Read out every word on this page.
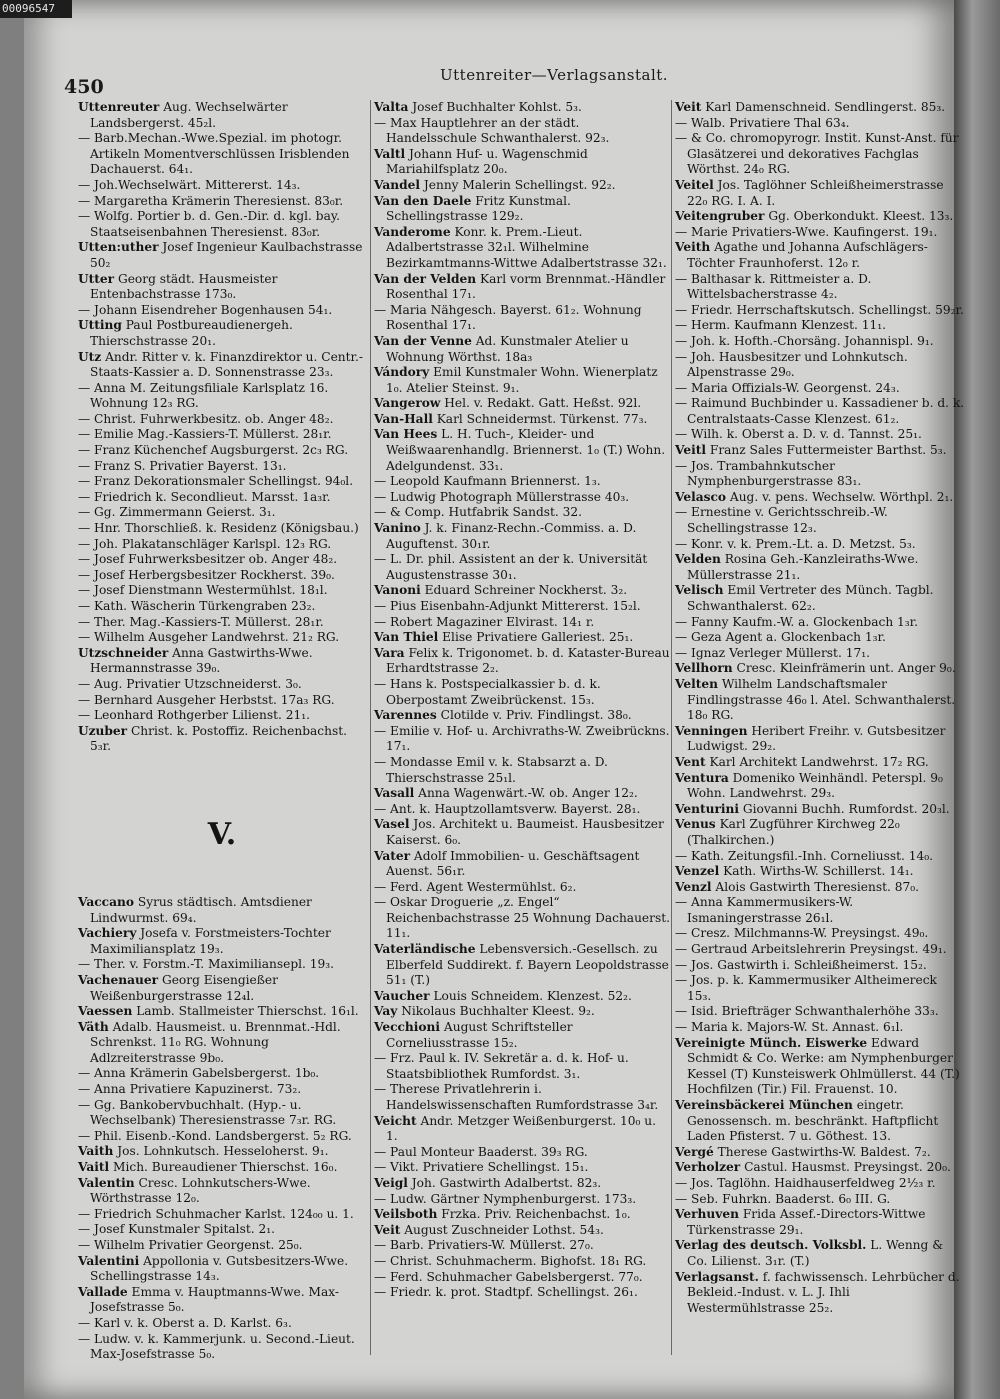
00096547
450
Uttenreiter—Verlagsanstalt.
Uttenreuter Aug. Wechselwärter Landsbergerst. 45₂l.
— Barb.Mechan.-Wwe.Spezial. im photogr. Artikeln Momentverschlüssen Irisblenden Dachauerst. 64₁.
— Joh.Wechselwärt. Mittererst. 14₃.
— Margaretha Krämerin Theresienst. 83₀r.
— Wolfg. Portier b. d. Gen.-Dir. d. kgl. bay. Staatseisenbahnen Theresienst. 83₀r.
Utten:uther Josef Ingenieur Kaulbachstrasse 50₂
Utter Georg städt. Hausmeister Entenbachstrasse 173₀.
— Johann Eisendreher Bogenhausen 54₁.
Utting Paul Postbureaudienergeh. Thierschstrasse 20₁.
Utz Andr. Ritter v. k. Finanzdirektor u. Centr.-Staats-Kassier a. D. Sonnenstrasse 23₃.
— Anna M. Zeitungsfiliale Karlsplatz 16. Wohnung 12₃ RG.
— Christ. Fuhrwerkbesitz. ob. Anger 48₂.
— Emilie Mag.-Kassiers-T. Müllerst. 28₁r.
— Franz Küchenchef Augsburgerst. 2c₃ RG.
— Franz S. Privatier Bayerst. 13₁.
— Franz Dekorationsmaler Schellingst. 94₀l.
— Friedrich k. Secondlieut. Marsst. 1a₃r.
— Gg. Zimmermann Geierst. 3₁.
— Hnr. Thorschließ. k. Residenz (Königsbau.)
— Joh. Plakatanschläger Karlspl. 12₃ RG.
— Josef Fuhrwerksbesitzer ob. Anger 48₂.
— Josef Herbergsbesitzer Rockherst. 39₀.
— Josef Dienstmann Westermühlst. 18₁l.
— Kath. Wäscherin Türkengraben 23₂.
— Ther. Mag.-Kassiers-T. Müllerst. 28₁r.
— Wilhelm Ausgeher Landwehrst. 21₂ RG.
Utzschneider Anna Gastwirths-Wwe. Hermannstrasse 39₀.
— Aug. Privatier Utzschneiderst. 3₀.
— Bernhard Ausgeher Herbstst. 17a₃ RG.
— Leonhard Rothgerber Lilienst. 21₁.
Uzuber Christ. k. Postoffiz. Reichenbachst. 5₃r.
V.
Vaccano Syrus städtisch. Amtsdiener Lindwurmst. 69₄.
Vachiery Josefa v. Forstmeisters-Tochter Maximiliansplatz 19₃.
— Ther. v. Forstm.-T. Maximiliansepl. 19₃.
Vachenauer Georg Eisengießer Weißenburgerstrasse 12₄l.
Vaessen Lamb. Stallmeister Thierschst. 16₁l.
Väth Adalb. Hausmeist. u. Brennmat.-Hdl. Schrenkst. 11₀ RG. Wohnung Adlzreiterstrasse 9b₀.
— Anna Krämerin Gabelsbergerst. 1b₀.
— Anna Privatiere Kapuzinerst. 73₂.
— Gg. Bankobervbuchhalt. (Hyp.- u. Wechselbank) Theresienstrasse 7₃r. RG.
— Phil. Eisenb.-Kond. Landsbergerst. 5₂ RG.
Vaith Jos. Lohnkutsch. Hesseloherst. 9₁.
Vaitl Mich. Bureaudiener Thierschst. 16₀.
Valentin Cresc. Lohnkutschers-Wwe. Wörthstrasse 12₀.
— Friedrich Schuhmacher Karlst. 124₀₀ u. 1.
— Josef Kunstmaler Spitalst. 2₁.
— Wilhelm Privatier Georgenst. 25₀.
Valentini Appollonia v. Gutsbesitzers-Wwe. Schellingstrasse 14₃.
Vallade Emma v. Hauptmanns-Wwe. Max-Josefstrasse 5₀.
— Karl v. k. Oberst a. D. Karlst. 6₃.
— Ludw. v. k. Kammerjunk. u. Second.-Lieut. Max-Josefstrasse 5₀.
Valta Josef Buchhalter Kohlst. 5₃.
— Max Hauptlehrer an der städt. Handelsschule Schwanthalerst. 92₃.
Valtl Johann Huf- u. Wagenschmid Mariahilfsplatz 20₀.
Vandel Jenny Malerin Schellingst. 92₂.
Van den Daele Fritz Kunstmal. Schellingstrasse 129₂.
Vanderome Konr. k. Prem.-Lieut. Adalbertstrasse 32₁l. Wilhelmine Bezirkamtmanns-Wittwe Adalbertstrasse 32₁.
Van der Velden Karl vorm Brennmat.-Händler Rosenthal 17₁.
— Maria Nähgesch. Bayerst. 61₂. Wohnung Rosenthal 17₁.
Van der Venne Ad. Kunstmaler Atelier u Wohnung Wörthst. 18a₃
Vándory Emil Kunstmaler Wohn. Wienerplatz 1₀. Atelier Steinst. 9₁.
Vangerow Hel. v. Redakt. Gatt. Heßst. 92l.
Van-Hall Karl Schneidermst. Türkenst. 77₃.
Van Hees L. H. Tuch-, Kleider- und Weißwaarenhandlg. Briennerst. 1₀ (T.) Wohn. Adelgundenst. 33₁.
— Leopold Kaufmann Briennerst. 1₃.
— Ludwig Photograph Müllerstrasse 40₃.
— & Comp. Hutfabrik Sandst. 32.
Vanino J. k. Finanz-Rechn.-Commiss. a. D. Auguftenst. 30₁r.
— L. Dr. phil. Assistent an der k. Universität Augustenstrasse 30₁.
Vanoni Eduard Schreiner Nockherst. 3₂.
— Pius Eisenbahn-Adjunkt Mittererst. 15₂l.
— Robert Magaziner Elvirast. 14₁ r.
Van Thiel Elise Privatiere Galleriest. 25₁.
Vara Felix k. Trigonomet. b. d. Kataster-Bureau Erhardtstrasse 2₂.
— Hans k. Postspecialkassier b. d. k. Oberpostamt Zweibrückenst. 15₃.
Varennes Clotilde v. Priv. Findlingst. 38₀.
— Emilie v. Hof- u. Archivraths-W. Zweibrückns. 17₁.
— Mondasse Emil v. k. Stabsarzt a. D. Thierschstrasse 25₁l.
Vasall Anna Wagenwärt.-W. ob. Anger 12₂.
— Ant. k. Hauptzollamtsverw. Bayerst. 28₁.
Vasel Jos. Architekt u. Baumeist. Hausbesitzer Kaiserst. 6₀.
Vater Adolf Immobilien- u. Geschäftsagent Auenst. 56₁r.
— Ferd. Agent Westermühlst. 6₂.
— Oskar Droguerie „z. Engel“ Reichenbachstrasse 25 Wohnung Dachauerst. 11₁.
Vaterländische Lebensversich.-Gesellsch. zu Elberfeld Suddirekt. f. Bayern Leopoldstrasse 51₁ (T.)
Vaucher Louis Schneidem. Klenzest. 52₂.
Vay Nikolaus Buchhalter Kleest. 9₂.
Vecchioni August Schriftsteller Corneliusstrasse 15₂.
— Frz. Paul k. IV. Sekretär a. d. k. Hof- u. Staatsbibliothek Rumfordst. 3₁.
— Therese Privatlehrerin i. Handelswissenschaften Rumfordstrasse 3₄r.
Veicht Andr. Metzger Weißenburgerst. 10₀ u. 1.
— Paul Monteur Baaderst. 39₃ RG.
— Vikt. Privatiere Schellingst. 15₁.
Veigl Joh. Gastwirth Adalbertst. 82₃.
— Ludw. Gärtner Nymphenburgerst. 173₃.
Veilsboth Frzka. Priv. Reichenbachst. 1₀.
Veit August Zuschneider Lothst. 54₃.
— Barb. Privatiers-W. Müllerst. 27₀.
— Christ. Schuhmacherm. Bighofst. 18₁ RG.
— Ferd. Schuhmacher Gabelsbergerst. 77₀.
— Friedr. k. prot. Stadtpf. Schellingst. 26₁.
Veit Karl Damenschneid. Sendlingerst. 85₃.
— Walb. Privatiere Thal 63₄.
— & Co. chromopyrogr. Instit. Kunst-Anst. für Glasätzerei und dekoratives Fachglas Wörthst. 24₀ RG.
Veitel Jos. Taglöhner Schleißheimerstrasse 22₀ RG. I. A. I.
Veitengruber Gg. Oberkondukt. Kleest. 13₃.
— Marie Privatiers-Wwe. Kaufingerst. 19₁.
Veith Agathe und Johanna Aufschlägers-Töchter Fraunhoferst. 12₀ r.
— Balthasar k. Rittmeister a. D. Wittelsbacherstrasse 4₂.
— Friedr. Herrschaftskutsch. Schellingst. 59₂r.
— Herm. Kaufmann Klenzest. 11₁.
— Joh. k. Hofth.-Chorsäng. Johannispl. 9₁.
— Joh. Hausbesitzer und Lohnkutsch. Alpenstrasse 29₀.
— Maria Offizials-W. Georgenst. 24₃.
— Raimund Buchbinder u. Kassadiener b. d. k. Centralstaats-Casse Klenzest. 61₂.
— Wilh. k. Oberst a. D. v. d. Tannst. 25₁.
Veitl Franz Sales Futtermeister Barthst. 5₃.
— Jos. Trambahnkutscher Nymphenburgerstrasse 83₁.
Velasco Aug. v. pens. Wechselw. Wörthpl. 2₁.
— Ernestine v. Gerichtsschreib.-W. Schellingstrasse 12₃.
— Konr. v. k. Prem.-Lt. a. D. Metzst. 5₃.
Velden Rosina Geh.-Kanzleiraths-Wwe. Müllerstrasse 21₁.
Velisch Emil Vertreter des Münch. Tagbl. Schwanthalerst. 62₂.
— Fanny Kaufm.-W. a. Glockenbach 1₃r.
— Geza Agent a. Glockenbach 1₃r.
— Ignaz Verleger Müllerst. 17₁.
Vellhorn Cresc. Kleinfrämerin unt. Anger 9₀.
Velten Wilhelm Landschaftsmaler Findlingstrasse 46₀ l. Atel. Schwanthalerst. 18₀ RG.
Venningen Heribert Freihr. v. Gutsbesitzer Ludwigst. 29₂.
Vent Karl Architekt Landwehrst. 17₂ RG.
Ventura Domeniko Weinhändl. Peterspl. 9₀ Wohn. Landwehrst. 29₃.
Venturini Giovanni Buchh. Rumfordst. 20₃l.
Venus Karl Zugführer Kirchweg 22₀ (Thalkirchen.)
— Kath. Zeitungsfil.-Inh. Corneliusst. 14₀.
Venzel Kath. Wirths-W. Schillerst. 14₁.
Venzl Alois Gastwirth Theresienst. 87₀.
— Anna Kammermusikers-W. Ismaningerstrasse 26₁l.
— Cresz. Milchmanns-W. Preysingst. 49₀.
— Gertraud Arbeitslehrerin Preysingst. 49₁.
— Jos. Gastwirth i. Schleißheimerst. 15₂.
— Jos. p. k. Kammermusiker Altheimereck 15₃.
— Isid. Briefträger Schwanthalerhöhe 33₃.
— Maria k. Majors-W. St. Annast. 6₁l.
Vereinigte Münch. Eiswerke Edward Schmidt & Co. Werke: am Nymphenburger Kessel (T) Kunsteiswerk Ohlmüllerst. 44 (T.) Hochfilzen (Tir.) Fil. Frauenst. 10.
Vereinsbäckerei München eingetr. Genossensch. m. beschränkt. Haftpflicht Laden Pfisterst. 7 u. Göthest. 13.
Vergé Therese Gastwirths-W. Baldest. 7₂.
Verholzer Castul. Hausmst. Preysingst. 20₀.
— Jos. Taglöhn. Haidhauserfeldweg 2½₃ r.
— Seb. Fuhrkn. Baaderst. 6₀ III. G.
Verhuven Frida Assef.-Directors-Wittwe Türkenstrasse 29₁.
Verlag des deutsch. Volksbl. L. Wenng & Co. Lilienst. 3₁r. (T.)
Verlagsanst. f. fachwissensch. Lehrbücher d. Bekleid.-Indust. v. L. J. Ihli Westermühlstrasse 25₂.
